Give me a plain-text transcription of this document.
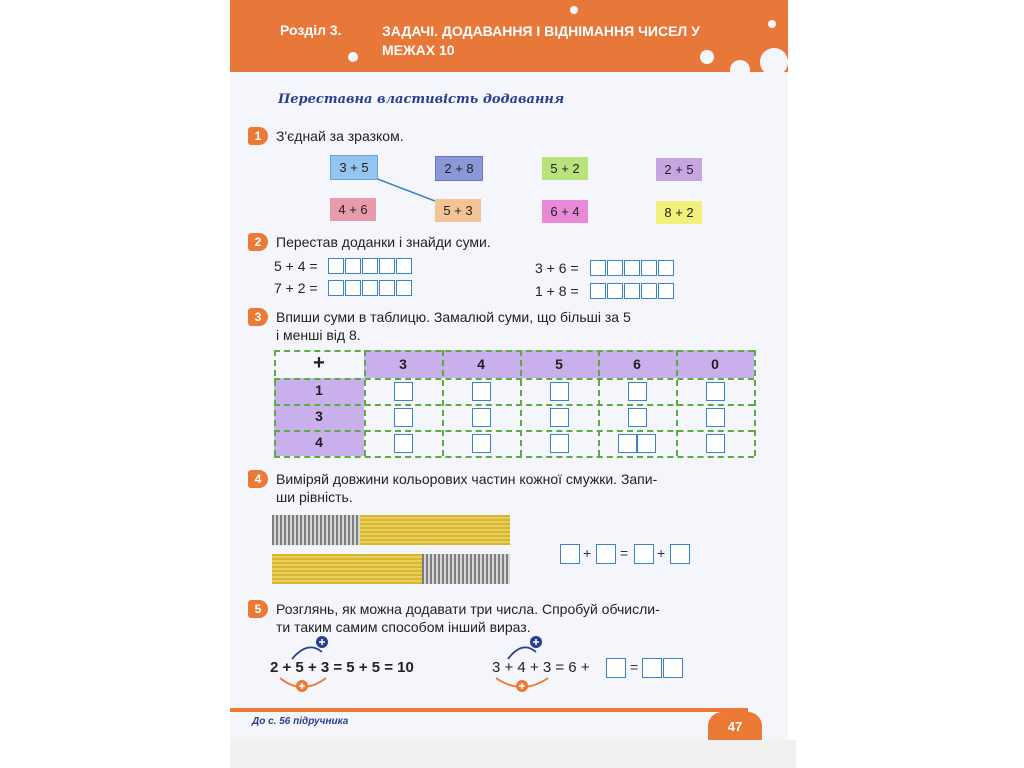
Розділ 3.	ЗАДАЧІ. ДОДАВАННЯ І ВІДНІМАННЯ ЧИСЕЛ У МЕЖАХ 10
Переставна властивість додавання
1	З'єднай за зразком.
3 + 5	2 + 8	5 + 2	2 + 5
4 + 6	5 + 3	6 + 4	8 + 2
2	Перестав доданки і знайди суми.
5 + 4 =	3 + 6 =
7 + 2 =	1 + 8 =
3	Впиши суми в таблицю. Замалюй суми, що більші за 5
і менші від 8.
+	3	4	5	6	0
1
3
4
4	Виміряй довжини кольорових частин кожної смужки. Запи-
ши рівність.
+ = +
5	Розглянь, як можна додавати три числа. Спробуй обчисли-
ти таким самим способом інший вираз.
2 + 5 + 3 = 5 + 5 = 10	3 + 4 + 3 = 6 +	=
До с. 56 підручника	47
